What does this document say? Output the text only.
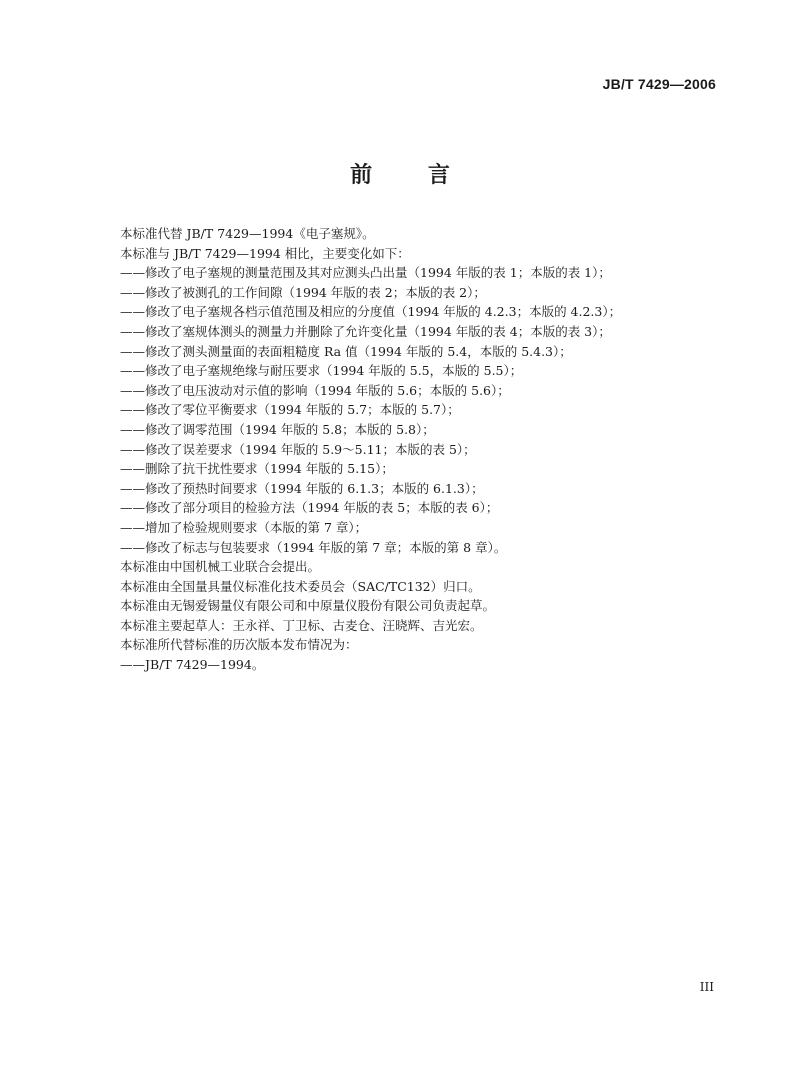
JB/T 7429—2006
前 言

本标准代替 JB/T 7429—1994《电子塞规》。

本标准与 JB/T 7429—1994 相比，主要变化如下：

——修改了电子塞规的测量范围及其对应测头凸出量（1994 年版的表 1；本版的表 1）；

——修改了被测孔的工作间隙（1994 年版的表 2；本版的表 2）；

——修改了电子塞规各档示值范围及相应的分度值（1994 年版的 4.2.3；本版的 4.2.3）；

——修改了塞规体测头的测量力并删除了允许变化量（1994 年版的表 4；本版的表 3）；

——修改了测头测量面的表面粗糙度 Ra 值（1994 年版的 5.4，本版的 5.4.3）；

——修改了电子塞规绝缘与耐压要求（1994 年版的 5.5，本版的 5.5）；

——修改了电压波动对示值的影响（1994 年版的 5.6；本版的 5.6）；

——修改了零位平衡要求（1994 年版的 5.7；本版的 5.7）；

——修改了调零范围（1994 年版的 5.8；本版的 5.8）；

——修改了误差要求（1994 年版的 5.9～5.11；本版的表 5）；

——删除了抗干扰性要求（1994 年版的 5.15）；

——修改了预热时间要求（1994 年版的 6.1.3；本版的 6.1.3）；

——修改了部分项目的检验方法（1994 年版的表 5；本版的表 6）；

——增加了检验规则要求（本版的第 7 章）；

——修改了标志与包装要求（1994 年版的第 7 章；本版的第 8 章）。

本标准由中国机械工业联合会提出。

本标准由全国量具量仪标准化技术委员会（SAC/TC132）归口。

本标准由无锡爱锡量仪有限公司和中原量仪股份有限公司负责起草。

本标准主要起草人：王永祥、丁卫标、古麦仓、汪晓辉、吉光宏。

本标准所代替标准的历次版本发布情况为：

——JB/T 7429—1994。

III
